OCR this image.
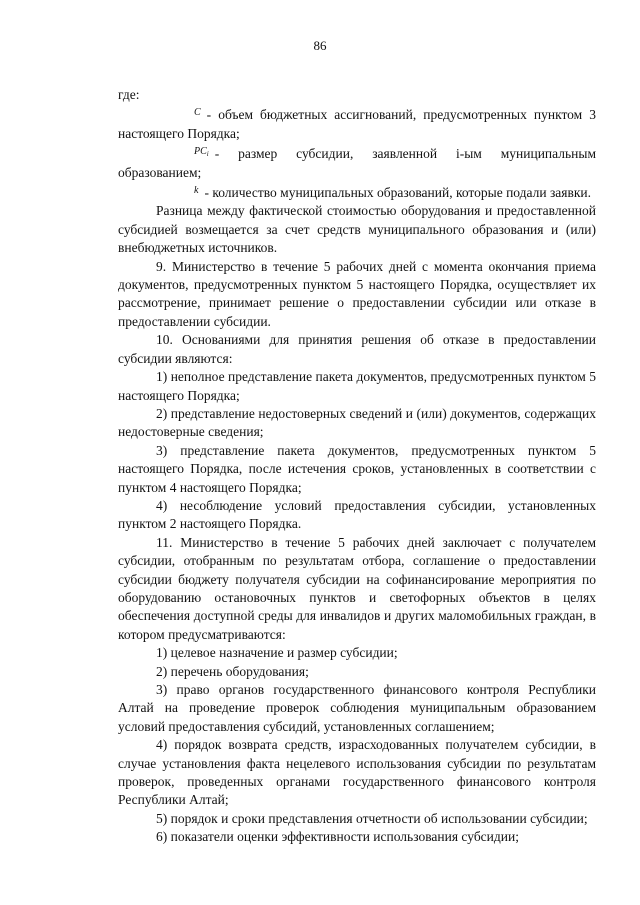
86

где:

C - объем бюджетных ассигнований, предусмотренных пунктом 3 настоящего Порядка;

$PC_i$ - размер субсидии, заявленной i-ым муниципальным образованием;

k - количество муниципальных образований, которые подали заявки.

Разница между фактической стоимостью оборудования и предоставленной субсидией возмещается за счет средств муниципального образования и (или) внебюджетных источников.

9. Министерство в течение 5 рабочих дней с момента окончания приема документов, предусмотренных пунктом 5 настоящего Порядка, осуществляет их рассмотрение, принимает решение о предоставлении субсидии или отказе в предоставлении субсидии.

10. Основаниями для принятия решения об отказе в предоставлении субсидии являются:

1) неполное представление пакета документов, предусмотренных пунктом 5 настоящего Порядка;

2) представление недостоверных сведений и (или) документов, содержащих недостоверные сведения;

3) представление пакета документов, предусмотренных пунктом 5 настоящего Порядка, после истечения сроков, установленных в соответствии с пунктом 4 настоящего Порядка;

4) несоблюдение условий предоставления субсидии, установленных пунктом 2 настоящего Порядка.

11. Министерство в течение 5 рабочих дней заключает с получателем субсидии, отобранным по результатам отбора, соглашение о предоставлении субсидии бюджету получателя субсидии на софинансирование мероприятия по оборудованию остановочных пунктов и светофорных объектов в целях обеспечения доступной среды для инвалидов и других маломобильных граждан, в котором предусматриваются:

1) целевое назначение и размер субсидии;

2) перечень оборудования;

3) право органов государственного финансового контроля Республики Алтай на проведение проверок соблюдения муниципальным образованием условий предоставления субсидий, установленных соглашением;

4) порядок возврата средств, израсходованных получателем субсидии, в случае установления факта нецелевого использования субсидии по результатам проверок, проведенных органами государственного финансового контроля Республики Алтай;

5) порядок и сроки представления отчетности об использовании субсидии;

6) показатели оценки эффективности использования субсидии;
